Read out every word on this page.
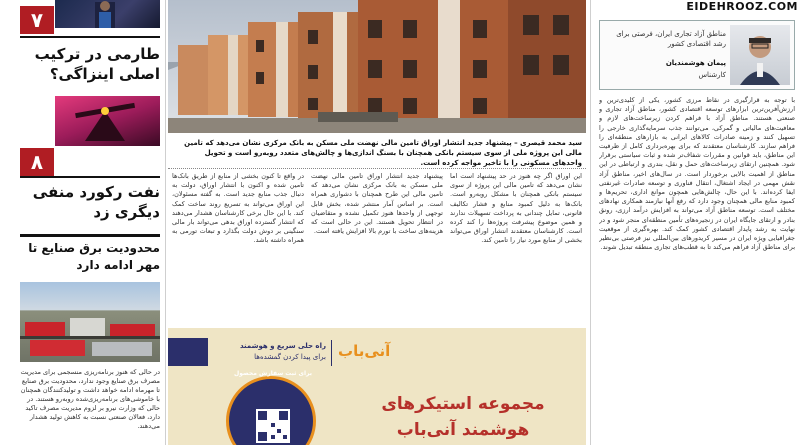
۷
طارمی در ترکیب اصلی اینزاگی؟
۸
نفت رکورد منفی دیگری زد
محدودیت برق صنایع تا مهر ادامه دارد
در حالی که هنوز برنامه‌ریزی منسجمی برای مدیریت مصرف برق صنایع وجود ندارد، محدودیت برق صنایع تا مهرماه ادامه خواهد داشت و تولیدکنندگان همچنان با خاموشی‌های برنامه‌ریزی‌شده روبه‌رو هستند. در حالی که وزارت نیرو بر لزوم مدیریت مصرف تاکید دارد، فعالان صنعتی نسبت به کاهش تولید هشدار می‌دهند.
سید محمد قیصری – پیشنهاد جدید انتشار اوراق تامین مالی نهضت ملی مسکن به بانک مرکزی نشان می‌دهد که تامین مالی این پروژه ملی از سوی سیستم بانکی همچنان با بسنگ اندازی‌ها و چالش‌های متعدد روبه‌رو است و تحویل واحدهای مسکونی را با تاخیر مواجه کرده است.
این اوراق اگر چه هنوز در حد پیشنهاد است اما نشان می‌دهد که تامین مالی این پروژه از سوی سیستم بانکی همچنان با مشکل روبه‌رو است. بانک‌ها به دلیل کمبود منابع و فشار تکالیف قانونی، تمایل چندانی به پرداخت تسهیلات ندارند و همین موضوع پیشرفت پروژه‌ها را کند کرده است. کارشناسان معتقدند انتشار اوراق می‌تواند بخشی از منابع مورد نیاز را تامین کند.
پیشنهاد جدید انتشار اوراق تامین مالی نهضت ملی مسکن به بانک مرکزی نشان می‌دهد که تامین مالی این طرح همچنان با دشواری همراه است. بر اساس آمار منتشر شده، بخش قابل توجهی از واحدها هنوز تکمیل نشده و متقاضیان در انتظار تحویل هستند. این در حالی است که هزینه‌های ساخت با تورم بالا افزایش یافته است.
در واقع تا کنون بخشی از منابع از طریق بانک‌ها تامین شده و اکنون با انتشار اوراق، دولت به دنبال جذب منابع جدید است. به گفته مسئولان، این اوراق می‌تواند به تسریع روند ساخت کمک کند. با این حال برخی کارشناسان هشدار می‌دهند که انتشار گسترده اوراق بدهی می‌تواند بار مالی سنگینی بر دوش دولت بگذارد و تبعات تورمی به همراه داشته باشد.
راه حلی سریع و هوشمند
برای پیدا کردن گمشده‌ها آنی‌باب
برای ثبت سفارش محصول
مجموعه استیکرهای
هوشمند آنی‌باب
EIDEHROOZ.COM
مناطق آزاد تجاری ایران، فرصتی برای رشد اقتصادی کشور
پیمان هوشمندیان
کارشناس
با توجه به قرارگیری در نقاط مرزی کشور، یکی از کلیدی‌ترین و ارزش‌آفرین‌ترین ابزارهای توسعه اقتصادی کشور، مناطق آزاد تجاری و صنعتی هستند. مناطق آزاد با فراهم کردن زیرساخت‌های لازم و معافیت‌های مالیاتی و گمرکی، می‌توانند جذب سرمایه‌گذاری خارجی را تسهیل کنند و زمینه صادرات کالاهای ایرانی به بازارهای منطقه‌ای را فراهم سازند. کارشناسان معتقدند که برای بهره‌برداری کامل از ظرفیت این مناطق، باید قوانین و مقررات شفاف‌تر شده و ثبات سیاستی برقرار شود. همچنین ارتقای زیرساخت‌های حمل و نقل، بندری و ارتباطی در این مناطق از اهمیت بالایی برخوردار است. در سال‌های اخیر، مناطق آزاد نقش مهمی در ایجاد اشتغال، انتقال فناوری و توسعه صادرات غیرنفتی ایفا کرده‌اند. با این حال، چالش‌هایی همچون موانع اداری، تحریم‌ها و کمبود منابع مالی همچنان وجود دارد که رفع آنها نیازمند همکاری نهادهای مختلف است. توسعه مناطق آزاد می‌تواند به افزایش درآمد ارزی، رونق بنادر و ارتقای جایگاه ایران در زنجیره‌های تأمین منطقه‌ای منجر شود و در نهایت به رشد پایدار اقتصادی کشور کمک کند. بهره‌گیری از موقعیت جغرافیایی ویژه ایران در مسیر کریدورهای بین‌المللی نیز فرصتی بی‌نظیر برای مناطق آزاد فراهم می‌کند تا به قطب‌های تجاری منطقه تبدیل شوند.
